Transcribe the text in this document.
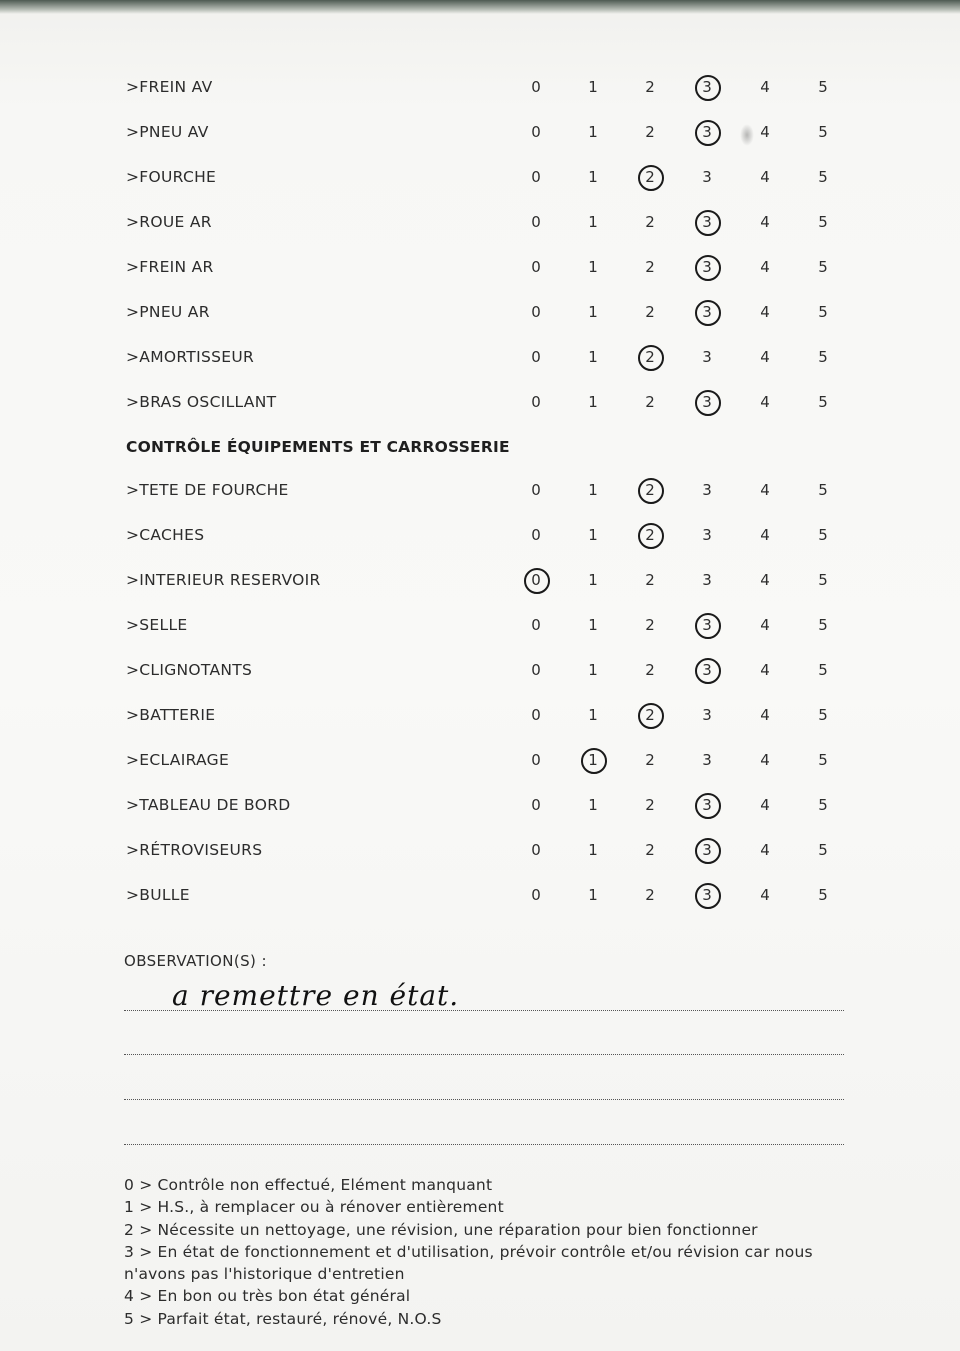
>FREIN AV	0	1	2	3	4	5
>PNEU AV	0	1	2	3	4	5
>FOURCHE	0	1	2	3	4	5
>ROUE AR	0	1	2	3	4	5
>FREIN AR	0	1	2	3	4	5
>PNEU AR	0	1	2	3	4	5
>AMORTISSEUR	0	1	2	3	4	5
>BRAS OSCILLANT	0	1	2	3	4	5
CONTRÔLE ÉQUIPEMENTS ET CARROSSERIE
>TETE DE FOURCHE	0	1	2	3	4	5
>CACHES	0	1	2	3	4	5
>INTERIEUR RESERVOIR	0	1	2	3	4	5
>SELLE	0	1	2	3	4	5
>CLIGNOTANTS	0	1	2	3	4	5
>BATTERIE	0	1	2	3	4	5
>ECLAIRAGE	0	1	2	3	4	5
>TABLEAU DE BORD	0	1	2	3	4	5
>RÉTROVISEURS	0	1	2	3	4	5
>BULLE	0	1	2	3	4	5
OBSERVATION(S) :
a remettre en état.
0 > Contrôle non effectué, Elément manquant
1 > H.S., à remplacer ou à rénover entièrement
2 > Nécessite un nettoyage, une révision, une réparation pour bien fonctionner
3 > En état de fonctionnement et d'utilisation, prévoir contrôle et/ou révision car nous
n'avons pas l'historique d'entretien
4 > En bon ou très bon état général
5 > Parfait état, restauré, rénové, N.O.S
